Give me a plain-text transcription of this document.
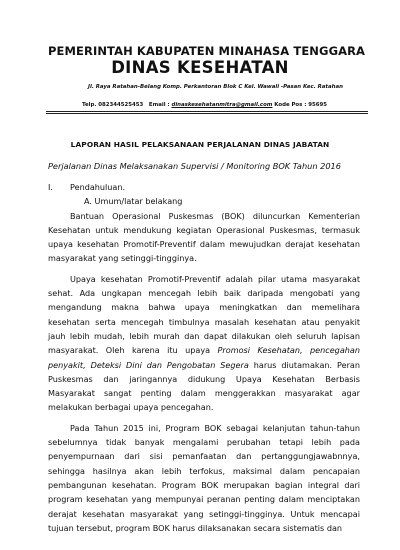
PEMERINTAH KABUPATEN MINAHASA TENGGARA
DINAS KESEHATAN
Jl. Raya Ratahan-Belang Komp. Perkantoran Blok C Kel. Wawali -Pasan Kec. Ratahan
Telp. 082344525453 Email : dinaskesehatanmitra@gmail.com Kode Pos : 95695
LAPORAN HASIL PELAKSANAAN PERJALANAN DINAS JABATAN
Perjalanan Dinas Melaksanakan Supervisi / Monitoring BOK Tahun 2016
I. Pendahuluan.
A. Umum/latar belakang

Bantuan Operasional Puskesmas (BOK) diluncurkan Kementerian Kesehatan untuk mendukung kegiatan Operasional Puskesmas, termasuk upaya kesehatan Promotif-Preventif dalam mewujudkan derajat kesehatan masyarakat yang setinggi-tingginya.

Upaya kesehatan Promotif-Preventif adalah pilar utama masyarakat sehat. Ada ungkapan mencegah lebih baik daripada mengobati yang mengandung makna bahwa upaya meningkatkan dan memelihara kesehatan serta mencegah timbulnya masalah kesehatan atau penyakit jauh lebih mudah, lebih murah dan dapat dilakukan oleh seluruh lapisan masyarakat. Oleh karena itu upaya Promosi Kesehatan, pencegahan penyakit, Deteksi Dini dan Pengobatan Segera harus diutamakan. Peran Puskesmas dan jaringannya didukung Upaya Kesehatan Berbasis Masyarakat sangat penting dalam menggerakkan masyarakat agar melakukan berbagai upaya pencegahan.

Pada Tahun 2015 ini, Program BOK sebagai kelanjutan tahun-tahun sebelumnya tidak banyak mengalami perubahan tetapi lebih pada penyempurnaan dari sisi pemanfaatan dan pertanggungjawabnnya, sehingga hasilnya akan lebih terfokus, maksimal dalam pencapaian pembangunan kesehatan. Program BOK merupakan bagian integral dari program kesehatan yang mempunyai peranan penting dalam menciptakan derajat kesehatan masyarakat yang setinggi-tingginya. Untuk mencapai tujuan tersebut, program BOK harus dilaksanakan secara sistematis dan
